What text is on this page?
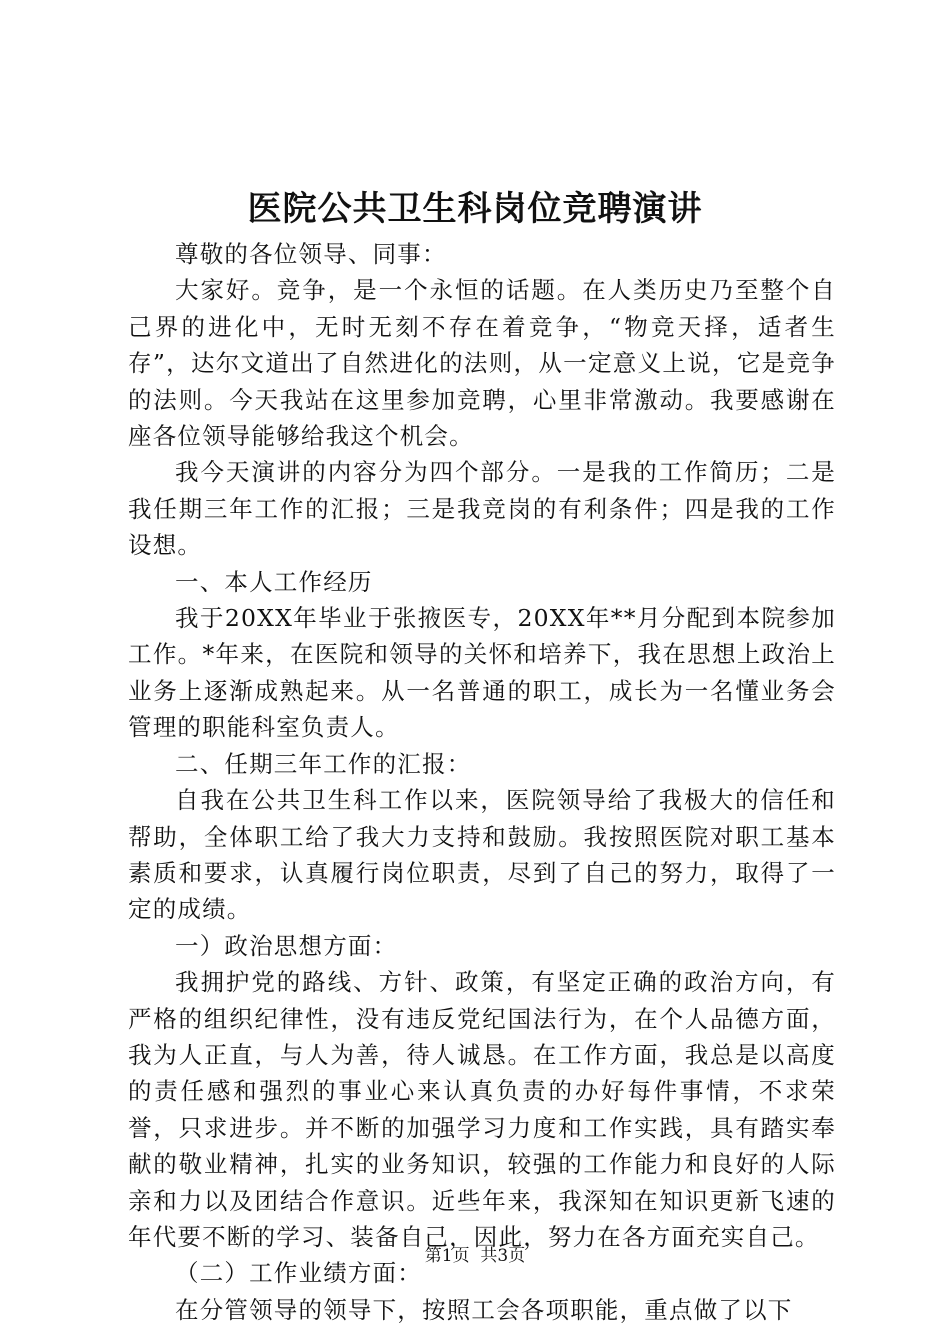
医院公共卫生科岗位竞聘演讲

尊敬的各位领导、同事：

大家好。竞争，是一个永恒的话题。在人类历史乃至整个自己界的进化中，无时无刻不存在着竞争，“物竞天择，适者生存”，达尔文道出了自然进化的法则，从一定意义上说，它是竞争的法则。今天我站在这里参加竞聘，心里非常激动。我要感谢在座各位领导能够给我这个机会。

我今天演讲的内容分为四个部分。一是我的工作简历；二是我任期三年工作的汇报；三是我竞岗的有利条件；四是我的工作设想。

一、本人工作经历

我于20XX年毕业于张掖医专，20XX年**月分配到本院参加工作。*年来，在医院和领导的关怀和培养下，我在思想上政治上业务上逐渐成熟起来。从一名普通的职工，成长为一名懂业务会管理的职能科室负责人。

二、任期三年工作的汇报：

自我在公共卫生科工作以来，医院领导给了我极大的信任和帮助，全体职工给了我大力支持和鼓励。我按照医院对职工基本素质和要求，认真履行岗位职责，尽到了自己的努力，取得了一定的成绩。

一）政治思想方面：

我拥护党的路线、方针、政策，有坚定正确的政治方向，有严格的组织纪律性，没有违反党纪国法行为，在个人品德方面，我为人正直，与人为善，待人诚恳。在工作方面，我总是以高度的责任感和强烈的事业心来认真负责的办好每件事情，不求荣誉，只求进步。并不断的加强学习力度和工作实践，具有踏实奉献的敬业精神，扎实的业务知识，较强的工作能力和良好的人际亲和力以及团结合作意识。近些年来，我深知在知识更新飞速的年代要不断的学习、装备自己，因此，努力在各方面充实自己。

（二）工作业绩方面：

在分管领导的领导下，按照工会各项职能，重点做了以下

第1页  共3页
